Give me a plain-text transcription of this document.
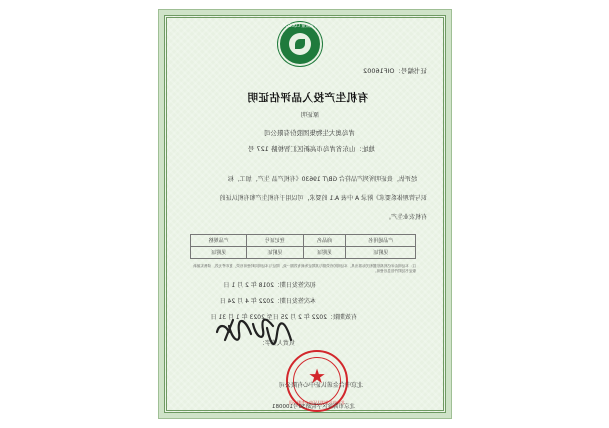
中国质量 CQCCQC
证书编号：OIF16002
有机生产投入品评估证明
原证明
青岛奥大生物集团股份有限公司
地址：山东省青岛市高新区汇智桥路 127 号
经评估，贵证明所列产品符合 GB/T 19630《有机产品 生产、加工、标
识与管理体系要求》附录 A 中表 A.1 的要求，可以用于有机生产和有机认证的
有机农业生产。
产品通用名	商品名	登记证号	产品规格
见附证	见附证	见附证	见附证
注：本证明由评估机构依据相关标准出具，本证明的有效期与其附证所载有效期一致，附证与本证明同时使用有效，复印件无效，请核实最新版证书及附件信息后使用。
初次签发日期：2018 年 2 月 1 日
本次签发日期：2022 年 4 月 24 日
有效期限：2022 年 2 月 25 日至 2023 年 1 月 31 日
负责人签字：
★
北京中合金诺认证中心有限公司
北京中合金诺认证中心有限公司
北京市海淀区学院路30号100081
